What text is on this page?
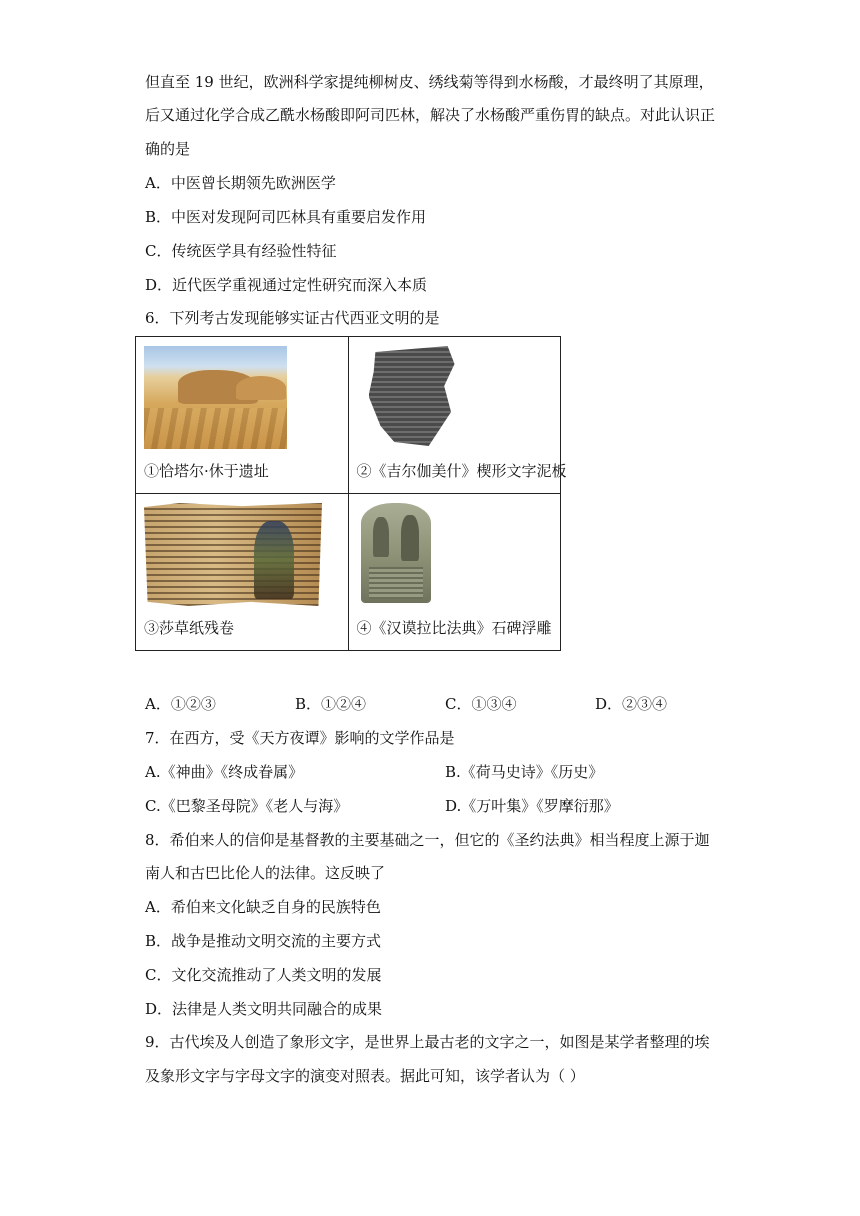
但直至 19 世纪，欧洲科学家提纯柳树皮、绣线菊等得到水杨酸，才最终明了其原理，
后又通过化学合成乙酰水杨酸即阿司匹林，解决了水杨酸严重伤胃的缺点。对此认识正
确的是
A．中医曾长期领先欧洲医学
B．中医对发现阿司匹林具有重要启发作用
C．传统医学具有经验性特征
D．近代医学重视通过定性研究而深入本质
6．下列考古发现能够实证古代西亚文明的是
①恰塔尔·休于遗址	②《吉尔伽美什》楔形文字泥板

③莎草纸残卷	④《汉谟拉比法典》石碑浮雕
A．①②③	B．①②④	C．①③④	D．②③④
7．在西方，受《天方夜谭》影响的文学作品是
A.《神曲》《终成眷属》	B.《荷马史诗》《历史》
C.《巴黎圣母院》《老人与海》	D.《万叶集》《罗摩衍那》
8．希伯来人的信仰是基督教的主要基础之一，但它的《圣约法典》相当程度上源于迦
南人和古巴比伦人的法律。这反映了
A．希伯来文化缺乏自身的民族特色
B．战争是推动文明交流的主要方式
C．文化交流推动了人类文明的发展
D．法律是人类文明共同融合的成果
9．古代埃及人创造了象形文字，是世界上最古老的文字之一，如图是某学者整理的埃
及象形文字与字母文字的演变对照表。据此可知，该学者认为（ ）
